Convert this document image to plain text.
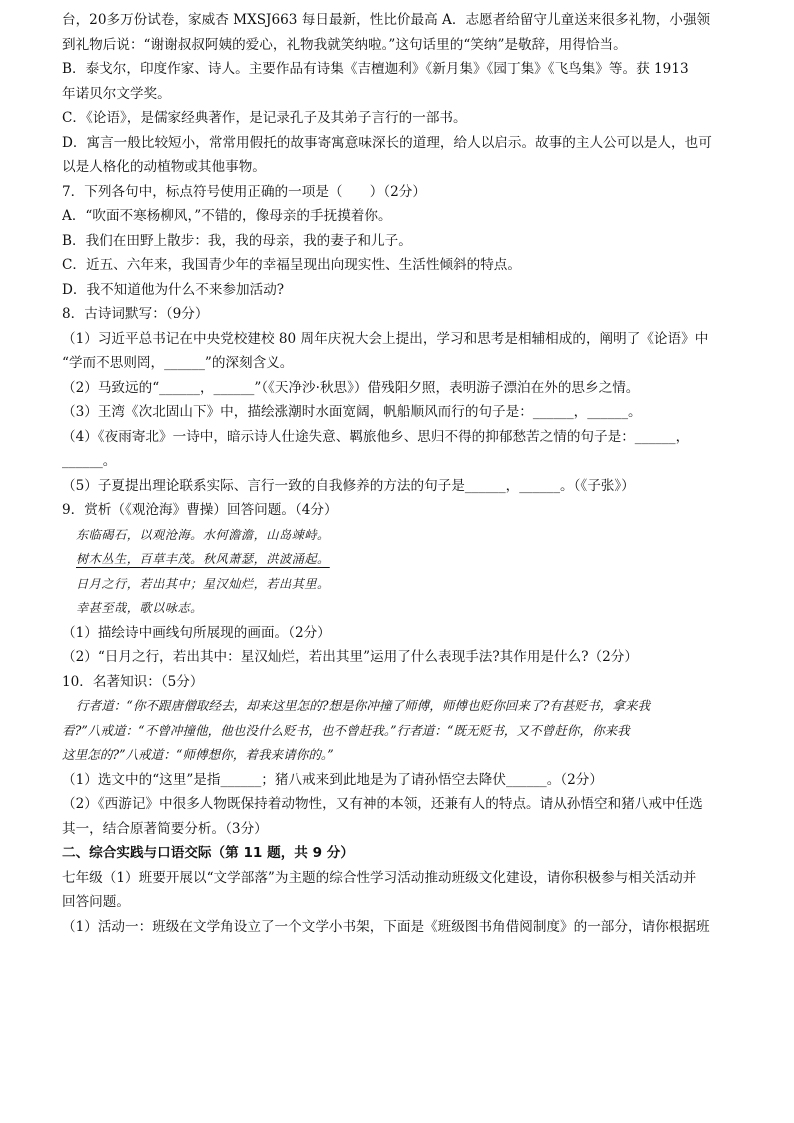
台，20多万份试卷，家威杏 MXSJ663 每日最新，性比价最高 A．志愿者给留守儿童送来很多礼物，小强领
到礼物后说：“谢谢叔叔阿姨的爱心，礼物我就笑纳啦。”这句话里的“笑纳”是敬辞，用得恰当。
B．泰戈尔，印度作家、诗人。主要作品有诗集《吉檀迦利》《新月集》《园丁集》《飞鸟集》等。获 1913
年诺贝尔文学奖。
C．《论语》，是儒家经典著作，是记录孔子及其弟子言行的一部书。
D．寓言一般比较短小，常常用假托的故事寄寓意味深长的道理，给人以启示。故事的主人公可以是人，也可
以是人格化的动植物或其他事物。
7．下列各句中，标点符号使用正确的一项是（　　）（2分）
A．“吹面不寒杨柳风，”不错的，像母亲的手抚摸着你。
B．我们在田野上散步：我，我的母亲，我的妻子和儿子。
C．近五、六年来，我国青少年的幸福呈现出向现实性、生活性倾斜的特点。
D．我不知道他为什么不来参加活动?
8．古诗词默写：（9分）
（1）习近平总书记在中央党校建校 80 周年庆祝大会上提出，学习和思考是相辅相成的，阐明了《论语》中
“学而不思则罔，______”的深刻含义。
（2）马致远的“______，______”（《天净沙·秋思》）借残阳夕照，表明游子漂泊在外的思乡之情。
（3）王湾《次北固山下》中，描绘涨潮时水面宽阔，帆船顺风而行的句子是：______，______。
（4）《夜雨寄北》一诗中，暗示诗人仕途失意、羁旅他乡、思归不得的抑郁愁苦之情的句子是：______，
______。
（5）子夏提出理论联系实际、言行一致的自我修养的方法的句子是______，______。（《子张》）
9．赏析（《观沧海》曹操）回答问题。（4分）
东临碣石，以观沧海。水何澹澹，山岛竦峙。
树木丛生，百草丰茂。秋风萧瑟，洪波涌起。
日月之行，若出其中；星汉灿烂，若出其里。
幸甚至哉，歌以咏志。
（1）描绘诗中画线句所展现的画面。（2分）
（2）“日月之行，若出其中：星汉灿烂，若出其里”运用了什么表现手法?其作用是什么?（2分）
10．名著知识：（5分）
行者道：“你不跟唐僧取经去，却来这里怎的?想是你冲撞了师傅，师傅也贬你回来了?有甚贬书，拿来我
看?”八戒道：“不曾冲撞他，他也没什么贬书，也不曾赶我。”行者道：“既无贬书，又不曾赶你，你来我
这里怎的?”八戒道：“师傅想你，着我来请你的。”
（1）选文中的“这里”是指______；猪八戒来到此地是为了请孙悟空去降伏______。（2分）
（2）《西游记》中很多人物既保持着动物性，又有神的本领，还兼有人的特点。请从孙悟空和猪八戒中任选
其一，结合原著简要分析。（3分）
二、综合实践与口语交际（第 11 题，共 9 分）
七年级（1）班要开展以“文学部落”为主题的综合性学习活动推动班级文化建设，请你积极参与相关活动并
回答问题。
（1）活动一：班级在文学角设立了一个文学小书架，下面是《班级图书角借阅制度》的一部分，请你根据班
